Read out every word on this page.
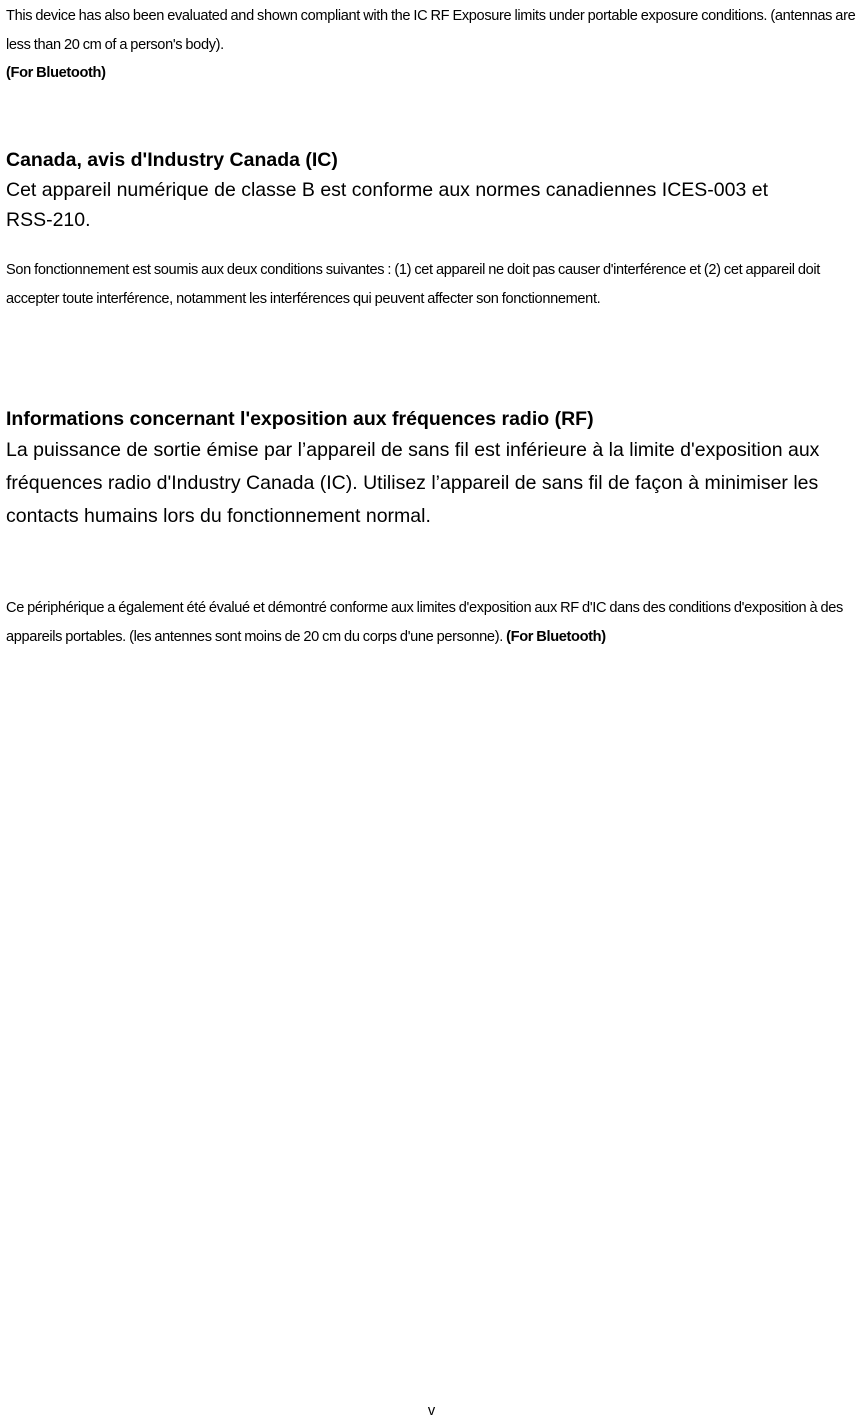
This device has also been evaluated and shown compliant with the IC RF Exposure limits under portable exposure conditions. (antennas are less than 20 cm of a person's body).
(For Bluetooth)
Canada, avis d'Industry Canada (IC)
Cet appareil numérique de classe B est conforme aux normes canadiennes ICES-003 et RSS-210.
Son fonctionnement est soumis aux deux conditions suivantes : (1) cet appareil ne doit pas causer d'interférence et (2) cet appareil doit accepter toute interférence, notamment les interférences qui peuvent affecter son fonctionnement.
Informations concernant l'exposition aux fréquences radio (RF)
La puissance de sortie émise par l’appareil de sans fil est inférieure à la limite d'exposition aux fréquences radio d'Industry Canada (IC). Utilisez l’appareil de sans fil de façon à minimiser les contacts humains lors du fonctionnement normal.
Ce périphérique a également été évalué et démontré conforme aux limites d'exposition aux RF d'IC dans des conditions d'exposition à des appareils portables. (les antennes sont moins de 20 cm du corps d'une personne). (For Bluetooth)
v
